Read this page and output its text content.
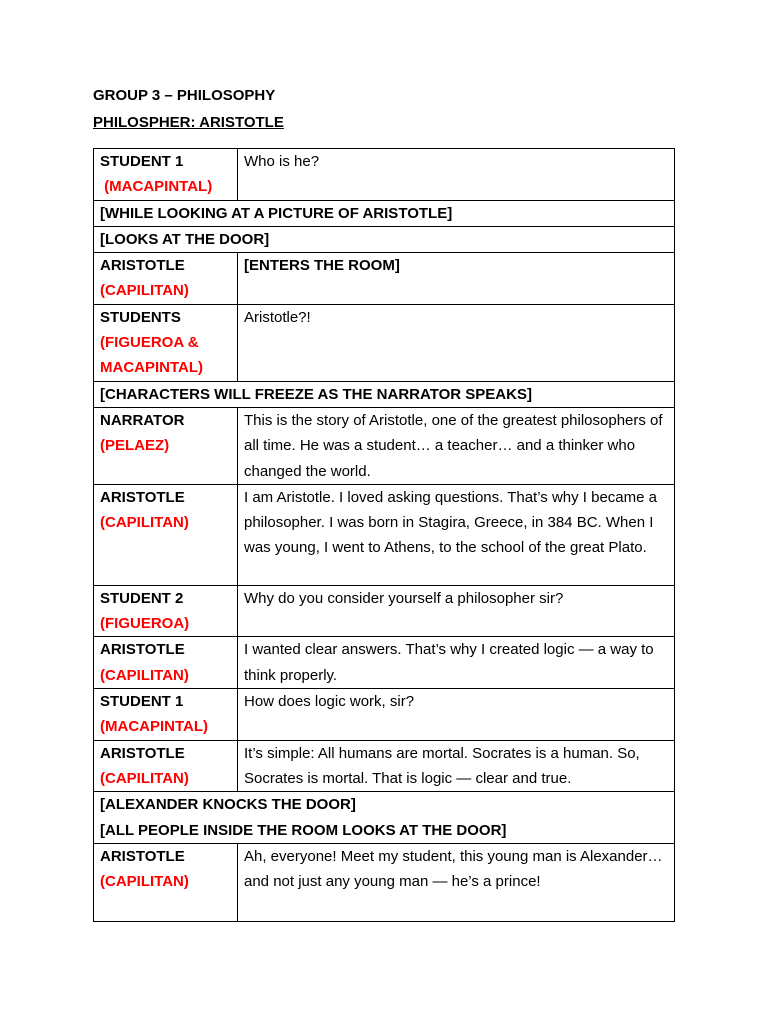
GROUP 3 – PHILOSOPHY
PHILOSPHER: ARISTOTLE
STUDENT 1
(MACAPINTAL)	Who is he?

[WHILE LOOKING AT A PICTURE OF ARISTOTLE]	

[LOOKS AT THE DOOR]	

ARISTOTLE
(CAPILITAN)	[ENTERS THE ROOM]

STUDENTS
(FIGUEROA & MACAPINTAL)	Aristotle?!

[CHARACTERS WILL FREEZE AS THE NARRATOR SPEAKS]	

NARRATOR
(PELAEZ)	This is the story of Aristotle, one of the greatest philosophers of all time. He was a student… a teacher… and a thinker who changed the world.

ARISTOTLE
(CAPILITAN)	I am Aristotle. I loved asking questions. That’s why I became a philosopher. I was born in Stagira, Greece, in 384 BC. When I was young, I went to Athens, to the school of the great Plato.

STUDENT 2
(FIGUEROA)	Why do you consider yourself a philosopher sir?

ARISTOTLE
(CAPILITAN)	I wanted clear answers. That’s why I created logic — a way to think properly.

STUDENT 1
(MACAPINTAL)	How does logic work, sir?

ARISTOTLE
(CAPILITAN)	It’s simple: All humans are mortal. Socrates is a human. So, Socrates is mortal. That is logic — clear and true.

[ALEXANDER KNOCKS THE DOOR]
[ALL PEOPLE INSIDE THE ROOM LOOKS AT THE DOOR]	

ARISTOTLE
(CAPILITAN)	Ah, everyone! Meet my student, this young man is Alexander… and not just any young man — he’s a prince!
